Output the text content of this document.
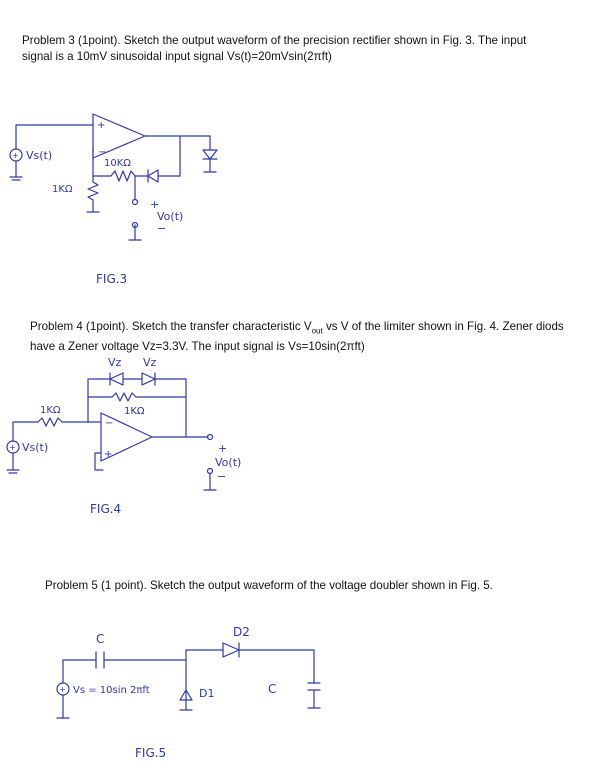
Problem 3 (1point). Sketch the output waveform of the precision rectifier shown in Fig. 3. The input
signal is a 10mV sinusoidal input signal Vs(t)=20mVsin(2πft)
Problem 4 (1point). Sketch the transfer characteristic $V_{out}$ vs V of the limiter shown in Fig. 4. Zener diods
have a Zener voltage Vz=3.3V. The input signal is Vs=10sin(2πft)
Problem 5 (1 point). Sketch the output waveform of the voltage doubler shown in Fig. 5.
+
−
−
+
+
+
+
Vs(t)
10KΩ
1KΩ
+
−
Vo(t)
FIG.3
Vz Vz
1KΩ	1KΩ
Vs(t)	+
Vo(t)
−
FIG.4
C	D2
Vs = 10sin 2πft	D1	C
FIG.5
